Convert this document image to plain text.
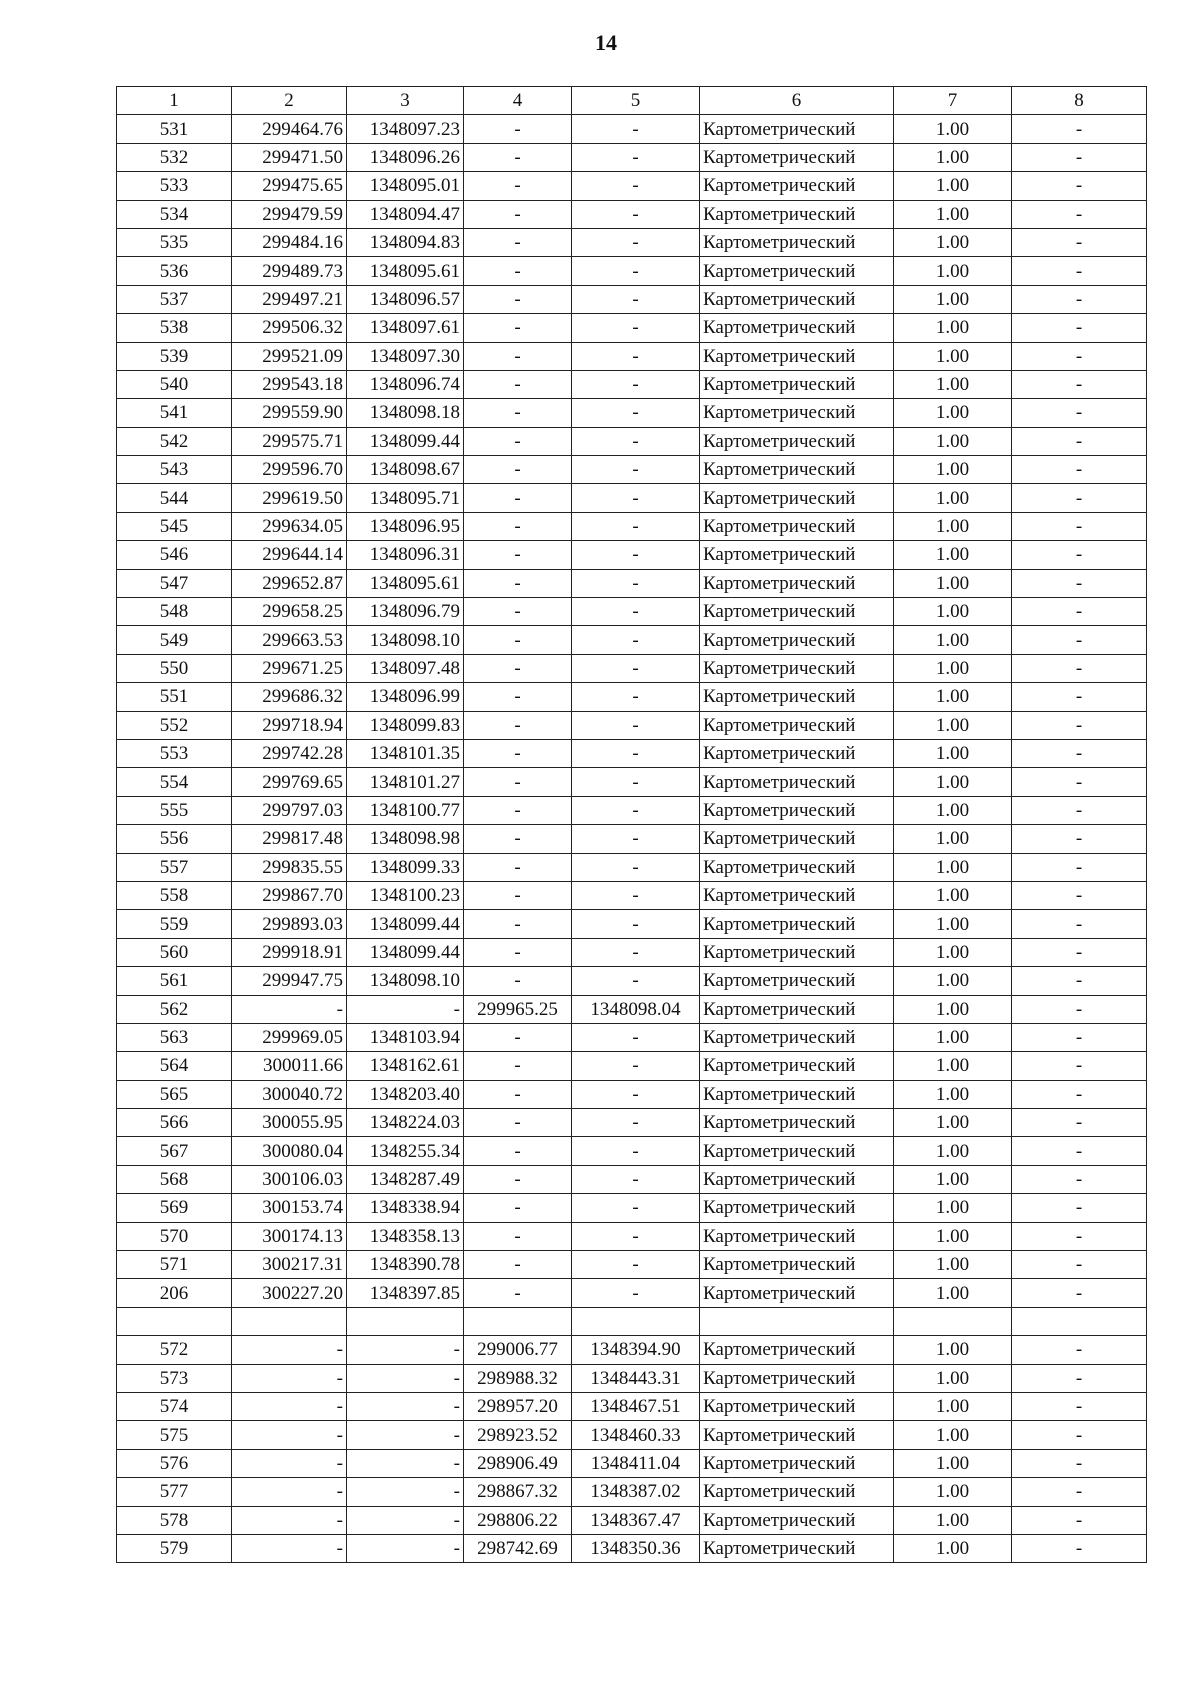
14
1	2	3	4	5	6	7	8
531	299464.76	1348097.23	-	-	Картометрический	1.00	-
532	299471.50	1348096.26	-	-	Картометрический	1.00	-
533	299475.65	1348095.01	-	-	Картометрический	1.00	-
534	299479.59	1348094.47	-	-	Картометрический	1.00	-
535	299484.16	1348094.83	-	-	Картометрический	1.00	-
536	299489.73	1348095.61	-	-	Картометрический	1.00	-
537	299497.21	1348096.57	-	-	Картометрический	1.00	-
538	299506.32	1348097.61	-	-	Картометрический	1.00	-
539	299521.09	1348097.30	-	-	Картометрический	1.00	-
540	299543.18	1348096.74	-	-	Картометрический	1.00	-
541	299559.90	1348098.18	-	-	Картометрический	1.00	-
542	299575.71	1348099.44	-	-	Картометрический	1.00	-
543	299596.70	1348098.67	-	-	Картометрический	1.00	-
544	299619.50	1348095.71	-	-	Картометрический	1.00	-
545	299634.05	1348096.95	-	-	Картометрический	1.00	-
546	299644.14	1348096.31	-	-	Картометрический	1.00	-
547	299652.87	1348095.61	-	-	Картометрический	1.00	-
548	299658.25	1348096.79	-	-	Картометрический	1.00	-
549	299663.53	1348098.10	-	-	Картометрический	1.00	-
550	299671.25	1348097.48	-	-	Картометрический	1.00	-
551	299686.32	1348096.99	-	-	Картометрический	1.00	-
552	299718.94	1348099.83	-	-	Картометрический	1.00	-
553	299742.28	1348101.35	-	-	Картометрический	1.00	-
554	299769.65	1348101.27	-	-	Картометрический	1.00	-
555	299797.03	1348100.77	-	-	Картометрический	1.00	-
556	299817.48	1348098.98	-	-	Картометрический	1.00	-
557	299835.55	1348099.33	-	-	Картометрический	1.00	-
558	299867.70	1348100.23	-	-	Картометрический	1.00	-
559	299893.03	1348099.44	-	-	Картометрический	1.00	-
560	299918.91	1348099.44	-	-	Картометрический	1.00	-
561	299947.75	1348098.10	-	-	Картометрический	1.00	-
562	-	-	299965.25	1348098.04	Картометрический	1.00	-
563	299969.05	1348103.94	-	-	Картометрический	1.00	-
564	300011.66	1348162.61	-	-	Картометрический	1.00	-
565	300040.72	1348203.40	-	-	Картометрический	1.00	-
566	300055.95	1348224.03	-	-	Картометрический	1.00	-
567	300080.04	1348255.34	-	-	Картометрический	1.00	-
568	300106.03	1348287.49	-	-	Картометрический	1.00	-
569	300153.74	1348338.94	-	-	Картометрический	1.00	-
570	300174.13	1348358.13	-	-	Картометрический	1.00	-
571	300217.31	1348390.78	-	-	Картометрический	1.00	-
206	300227.20	1348397.85	-	-	Картометрический	1.00	-

572	-	-	299006.77	1348394.90	Картометрический	1.00	-
573	-	-	298988.32	1348443.31	Картометрический	1.00	-
574	-	-	298957.20	1348467.51	Картометрический	1.00	-
575	-	-	298923.52	1348460.33	Картометрический	1.00	-
576	-	-	298906.49	1348411.04	Картометрический	1.00	-
577	-	-	298867.32	1348387.02	Картометрический	1.00	-
578	-	-	298806.22	1348367.47	Картометрический	1.00	-
579	-	-	298742.69	1348350.36	Картометрический	1.00	-
